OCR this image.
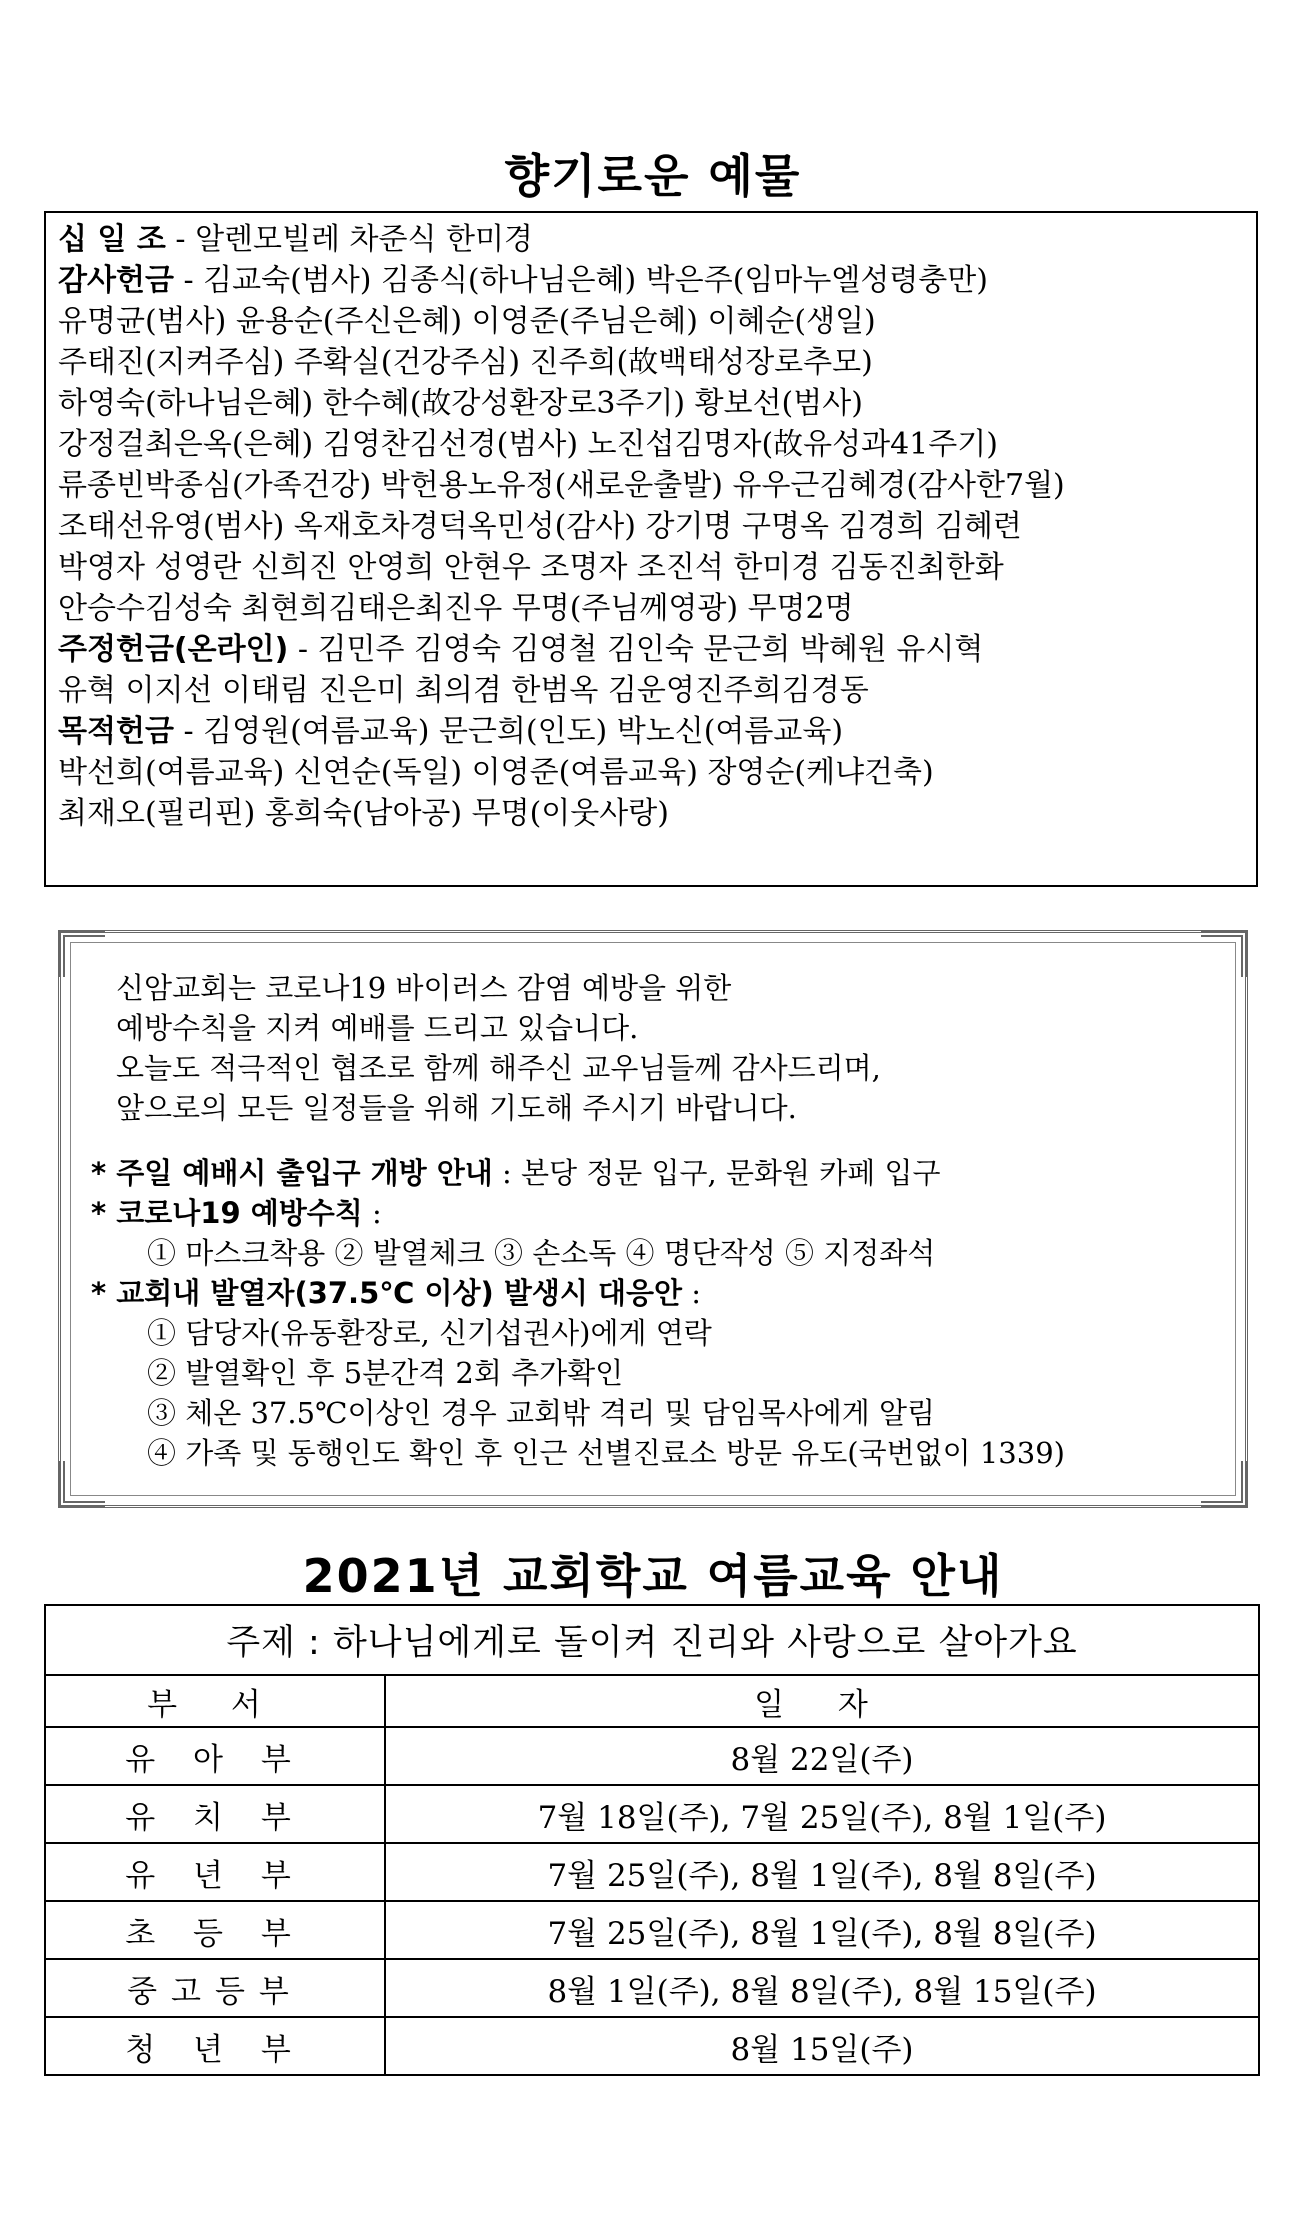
향기로운 예물
십 일 조 - 알렌모빌레 차준식 한미경
감사헌금 - 김교숙(범사) 김종식(하나님은혜) 박은주(임마누엘성령충만)
유명균(범사) 윤용순(주신은혜) 이영준(주님은혜) 이혜순(생일)
주태진(지켜주심) 주확실(건강주심) 진주희(故백태성장로추모)
하영숙(하나님은혜) 한수혜(故강성환장로3주기) 황보선(범사)
강정걸최은옥(은혜) 김영찬김선경(범사) 노진섭김명자(故유성과41주기)
류종빈박종심(가족건강) 박헌용노유정(새로운출발) 유우근김혜경(감사한7월)
조태선유영(범사) 옥재호차경덕옥민성(감사) 강기명 구명옥 김경희 김혜련
박영자 성영란 신희진 안영희 안현우 조명자 조진석 한미경 김동진최한화
안승수김성숙 최현희김태은최진우 무명(주님께영광) 무명2명
주정헌금(온라인) - 김민주 김영숙 김영철 김인숙 문근희 박혜원 유시혁
유혁 이지선 이태림 진은미 최의겸 한범옥 김운영진주희김경동
목적헌금 - 김영원(여름교육) 문근희(인도) 박노신(여름교육)
박선희(여름교육) 신연순(독일) 이영준(여름교육) 장영순(케냐건축)
최재오(필리핀) 홍희숙(남아공) 무명(이웃사랑)
신암교회는 코로나19 바이러스 감염 예방을 위한
예방수칙을 지켜 예배를 드리고 있습니다.
오늘도 적극적인 협조로 함께 해주신 교우님들께 감사드리며,
앞으로의 모든 일정들을 위해 기도해 주시기 바랍니다.
* 주일 예배시 출입구 개방 안내 : 본당 정문 입구, 문화원 카페 입구
* 코로나19 예방수칙 :
① 마스크착용 ② 발열체크 ③ 손소독 ④ 명단작성 ⑤ 지정좌석
* 교회내 발열자(37.5℃ 이상) 발생시 대응안 :
① 담당자(유동환장로, 신기섭권사)에게 연락
② 발열확인 후 5분간격 2회 추가확인
③ 체온 37.5℃이상인 경우 교회밖 격리 및 담임목사에게 알림
④ 가족 및 동행인도 확인 후 인근 선별진료소 방문 유도(국번없이 1339)
2021년 교회학교 여름교육 안내
주제 : 하나님에게로 돌이켜 진리와 사랑으로 살아가요	
부 서	일 자
유 아 부	8월 22일(주)
유 치 부	7월 18일(주), 7월 25일(주), 8월 1일(주)
유 년 부	7월 25일(주), 8월 1일(주), 8월 8일(주)
초 등 부	7월 25일(주), 8월 1일(주), 8월 8일(주)
중고등부	8월 1일(주), 8월 8일(주), 8월 15일(주)
청 년 부	8월 15일(주)
